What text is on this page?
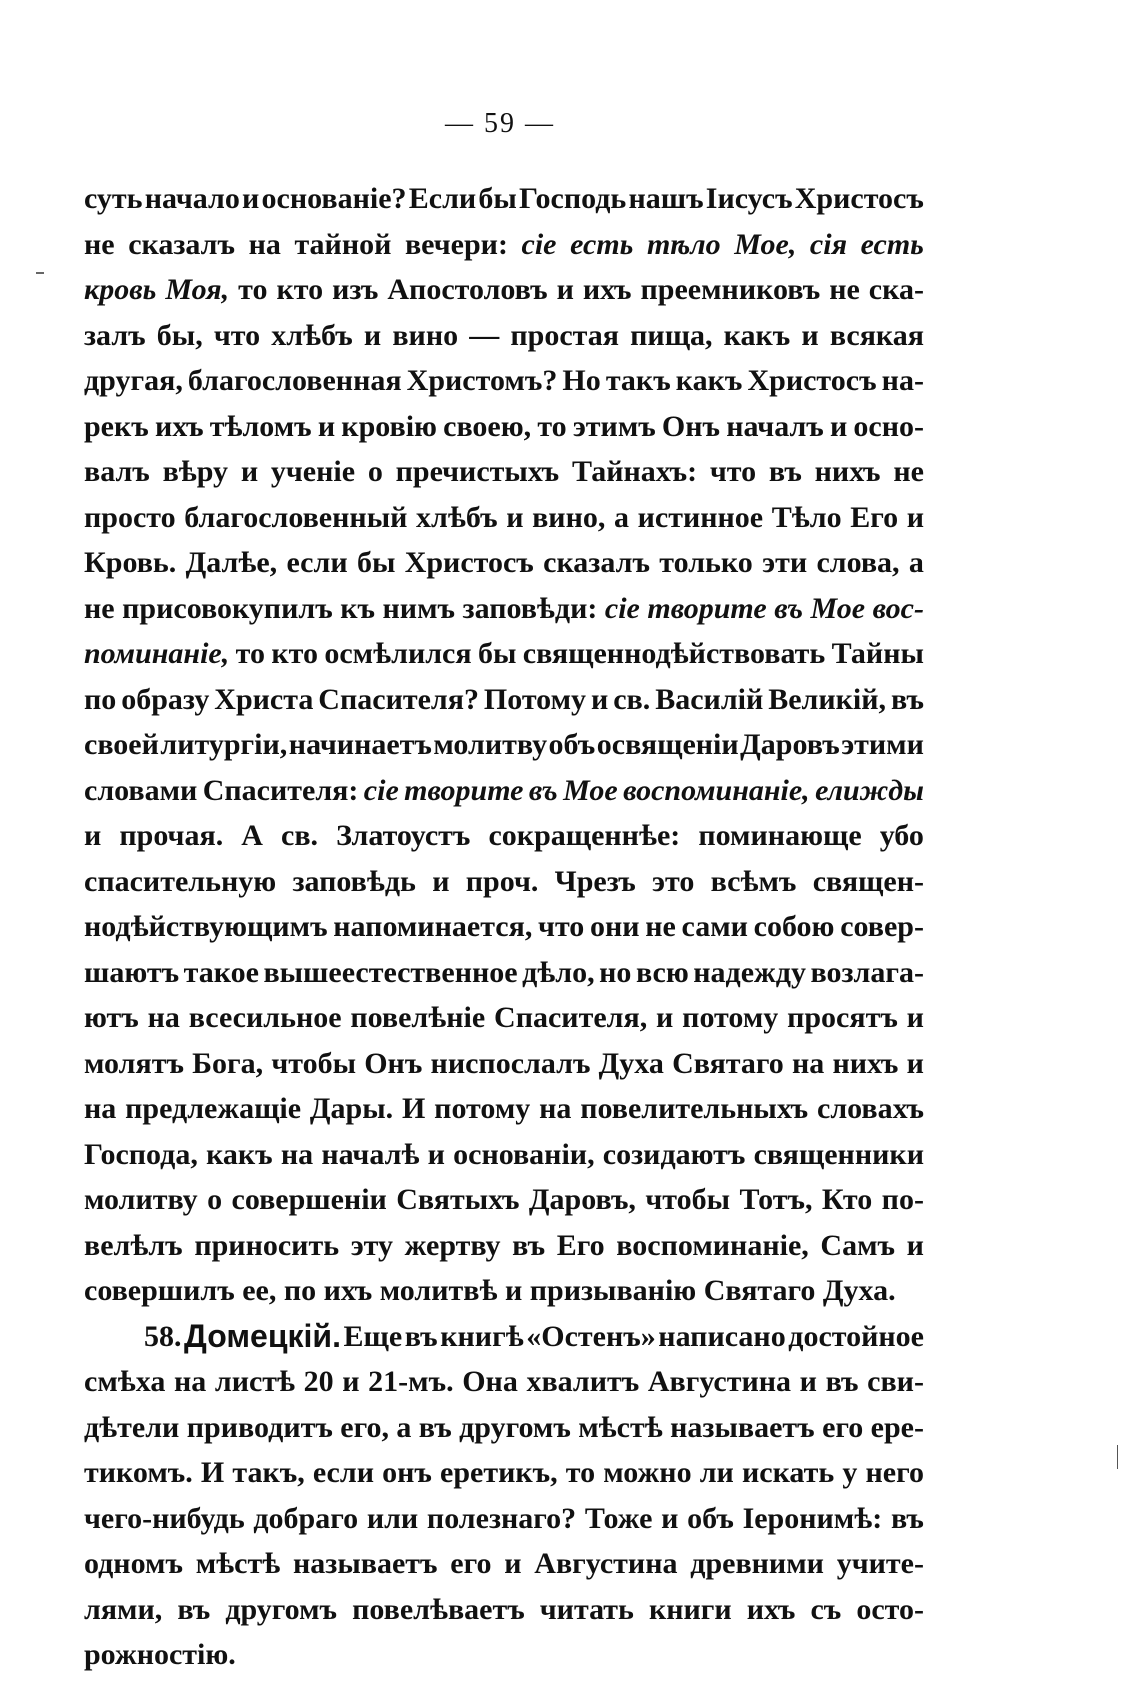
— 59 —
суть начало и основаніе? Если бы Господь нашъ Іисусъ Христосъ
не сказалъ на тайной вечери: сіе есть тѣло Мое, сія есть
кровь Моя, то кто изъ Апостоловъ и ихъ преемниковъ не ска-
залъ бы, что хлѣбъ и вино — простая пища, какъ и всякая
другая, благословенная Христомъ? Но такъ какъ Христосъ на-
рекъ ихъ тѣломъ и кровію своею, то этимъ Онъ началъ и осно-
валъ вѣру и ученіе о пречистыхъ Тайнахъ: что въ нихъ не
просто благословенный хлѣбъ и вино, а истинное Тѣло Его и
Кровь. Далѣе, если бы Христосъ сказалъ только эти слова, а
не присовокупилъ къ нимъ заповѣди: сіе творите въ Мое вос-
поминаніе, то кто осмѣлился бы священнодѣйствовать Тайны
по образу Христа Спасителя? Потому и св. Василій Великій, въ
своей литургіи, начинаетъ молитву объ освященіи Даровъ этими
словами Спасителя: сіе творите въ Мое воспоминаніе, елижды
и прочая. А св. Златоустъ сокращеннѣе: поминающе убо
спасительную заповѣдь и проч. Чрезъ это всѣмъ священ-
нодѣйствующимъ напоминается, что они не сами собою совер-
шаютъ такое вышеестественное дѣло, но всю надежду возлага-
ютъ на всесильное повелѣніе Спасителя, и потому просятъ и
молятъ Бога, чтобы Онъ ниспослалъ Духа Святаго на нихъ и
на предлежащіе Дары. И потому на повелительныхъ словахъ
Господа, какъ на началѣ и основаніи, созидаютъ священники
молитву о совершеніи Святыхъ Даровъ, чтобы Тотъ, Кто по-
велѣлъ приносить эту жертву въ Его воспоминаніе, Самъ и
совершилъ ее, по ихъ молитвѣ и призыванію Святаго Духа.
58. Домецкій. Еще въ книгѣ «Остенъ» написано достойное
смѣха на листѣ 20 и 21-мъ. Она хвалитъ Августина и въ сви-
дѣтели приводитъ его, а въ другомъ мѣстѣ называетъ его ере-
тикомъ. И такъ, если онъ еретикъ, то можно ли искать у него
чего-нибудь добраго или полезнаго? Тоже и объ Іеронимѣ: въ
одномъ мѣстѣ называетъ его и Августина древними учите-
лями, въ другомъ повелѣваетъ читать книги ихъ съ осто-
рожностію.
